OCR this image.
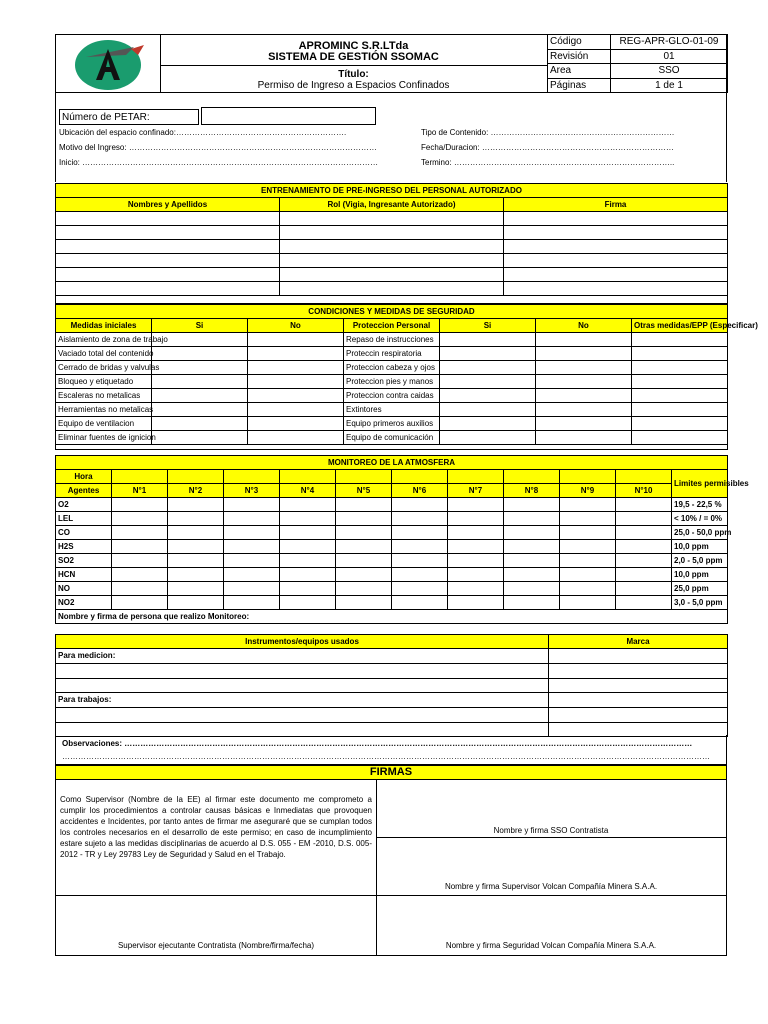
APROMINC S.R.LTda
SISTEMA DE GESTIÓN SSOMAC
Título:
Permiso de Ingreso a Espacios Confinados
Código	REG-APR-GLO-01-09
Revisión	01
Area	SSO
Páginas	1 de 1
Número de PETAR:
Ubicación del espacio confinado:……………………………………………………….	Tipo de Contenido: ……………………………………………………………
Motivo del Ingreso: …………………………………………………………………………………	Fecha/Duracion: ………………………………………………………………
Inicio: …………………………………………………………………………………………………	Termino: ………………………………………………………………………..
ENTRENAMIENTO DE PRE-INGRESO DEL PERSONAL AUTORIZADO		
Nombres y Apellidos	Rol (Vigia, Ingresante Autorizado)	Firma

CONDICIONES Y MEDIDAS DE SEGURIDAD						
Medidas iniciales	Si	No	Proteccion Personal	Si	No	Otras medidas/EPP (Especificar)
Aislamiento de zona de trabajo			Repaso de instrucciones			
Vaciado total del contenido			Proteccin respiratoria			
Cerrado de bridas y valvulas			Proteccion cabeza y ojos			
Bloqueo y etiquetado			Proteccion pies y manos			
Escaleras no metalicas			Proteccion contra caidas			
Herramientas no metalicas			Extintores			
Equipo de ventilacion			Equipo primeros auxilios			
Eliminar fuentes de ignicion			Equipo de comunicación			

MONITOREO DE LA ATMOSFERA											
Hora											Limites permisibles
Agentes	N°1	N°2	N°3	N°4	N°5	N°6	N°7	N°8	N°9	N°10	
O2											19,5 - 22,5 %
LEL											< 10% / = 0%
CO											25,0 - 50,0 ppm
H2S											10,0 ppm
SO2											2,0 - 5,0 ppm
HCN											10,0 ppm
NO											25,0 ppm
NO2											3,0 - 5,0 ppm
Nombre y firma de persona que realizo Monitoreo:											
Instrumentos/equipos usados	Marca
Para medicion:	

Para trabajos:	

Observaciones: ……………………………………………………………………………………………………………………………………………………………………………………………
………………………………………………………………………………………………………………………………………………………………………………………………………………………
FIRMAS
Como Supervisor (Nombre de la EE) al firmar este documento me comprometo a cumplir los procedimientos a controlar causas básicas e Inmediatas que provoquen accidentes e Incidentes, por tanto antes de firmar me aseguraré que se cumplan todos los controles necesarios en el desarrollo de este permiso; en caso de incumplimiento estare sujeto a las medidas disciplinarias de acuerdo al D.S. 055 - EM -2010, D.S. 005-2012 - TR y Ley 29783 Ley de Seguridad y Salud en el Trabajo.
Nombre y firma SSO Contratista
Nombre y firma Supervisor Volcan Compañía Minera S.A.A.
Supervisor ejecutante Contratista (Nombre/firma/fecha)	Nombre y firma Seguridad Volcan Compañía Minera S.A.A.
